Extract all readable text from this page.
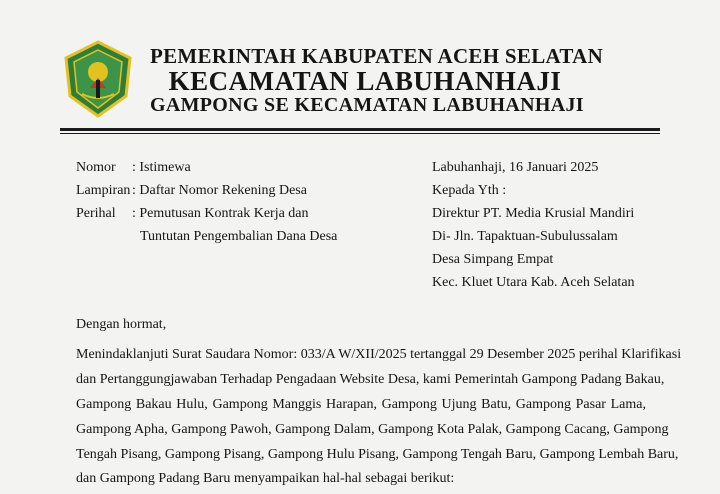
PEMERINTAH KABUPATEN ACEH SELATAN
KECAMATAN LABUHANHAJI
GAMPONG SE KECAMATAN LABUHANHAJI
Nomor : Istimewa
Lampiran : Daftar Nomor Rekening Desa
Perihal : Pemutusan Kontrak Kerja dan
Tuntutan Pengembalian Dana Desa
Labuhanhaji, 16 Januari 2025
Kepada Yth :
Direktur PT. Media Krusial Mandiri
Di- Jln. Tapaktuan-Subulussalam
Desa Simpang Empat
Kec. Kluet Utara Kab. Aceh Selatan
Dengan hormat,
Menindaklanjuti Surat Saudara Nomor: 033/A W/XII/2025 tertanggal 29 Desember 2025 perihal Klarifikasi
dan Pertanggungjawaban Terhadap Pengadaan Website Desa, kami Pemerintah Gampong Padang Bakau,
Gampong Bakau Hulu, Gampong Manggis Harapan, Gampong Ujung Batu, Gampong Pasar Lama,
Gampong Apha, Gampong Pawoh, Gampong Dalam, Gampong Kota Palak, Gampong Cacang, Gampong
Tengah Pisang, Gampong Pisang, Gampong Hulu Pisang, Gampong Tengah Baru, Gampong Lembah Baru,
dan Gampong Padang Baru menyampaikan hal-hal sebagai berikut:
